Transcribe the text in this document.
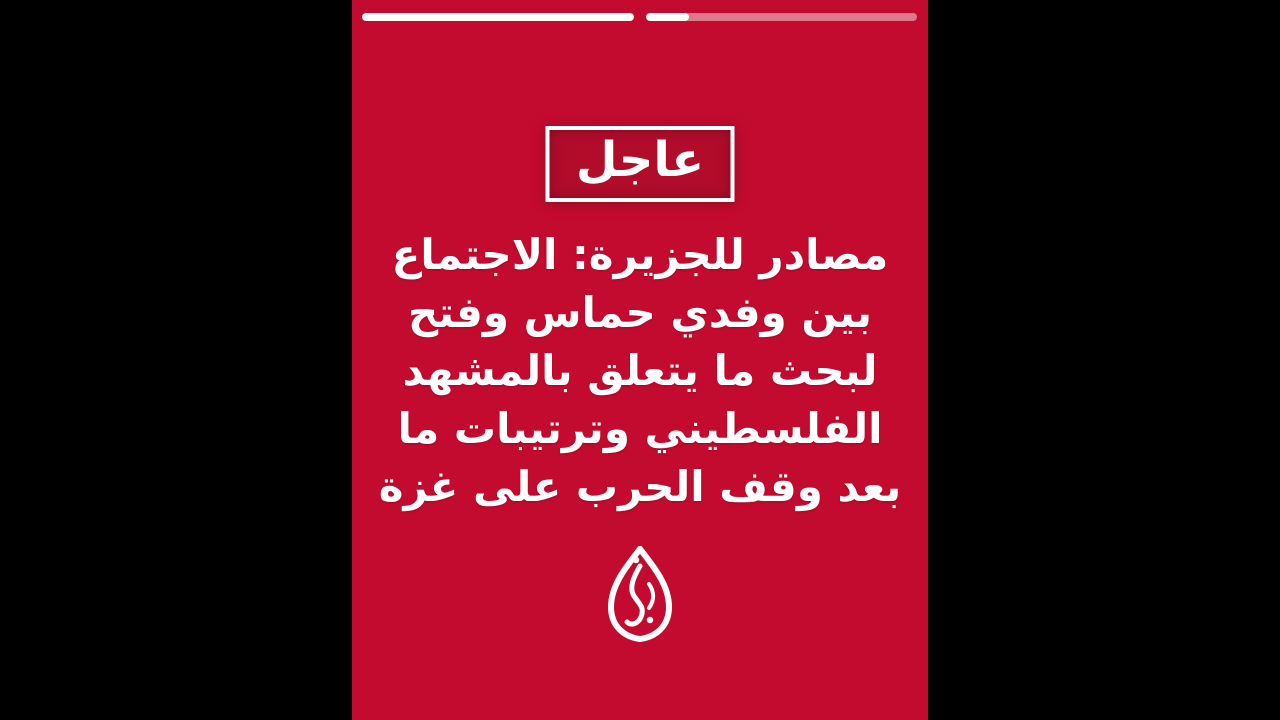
عاجل
مصادر للجزيرة: الاجتماع
بين وفدي حماس وفتح
لبحث ما يتعلق بالمشهد
الفلسطيني وترتيبات ما
بعد وقف الحرب على غزة
